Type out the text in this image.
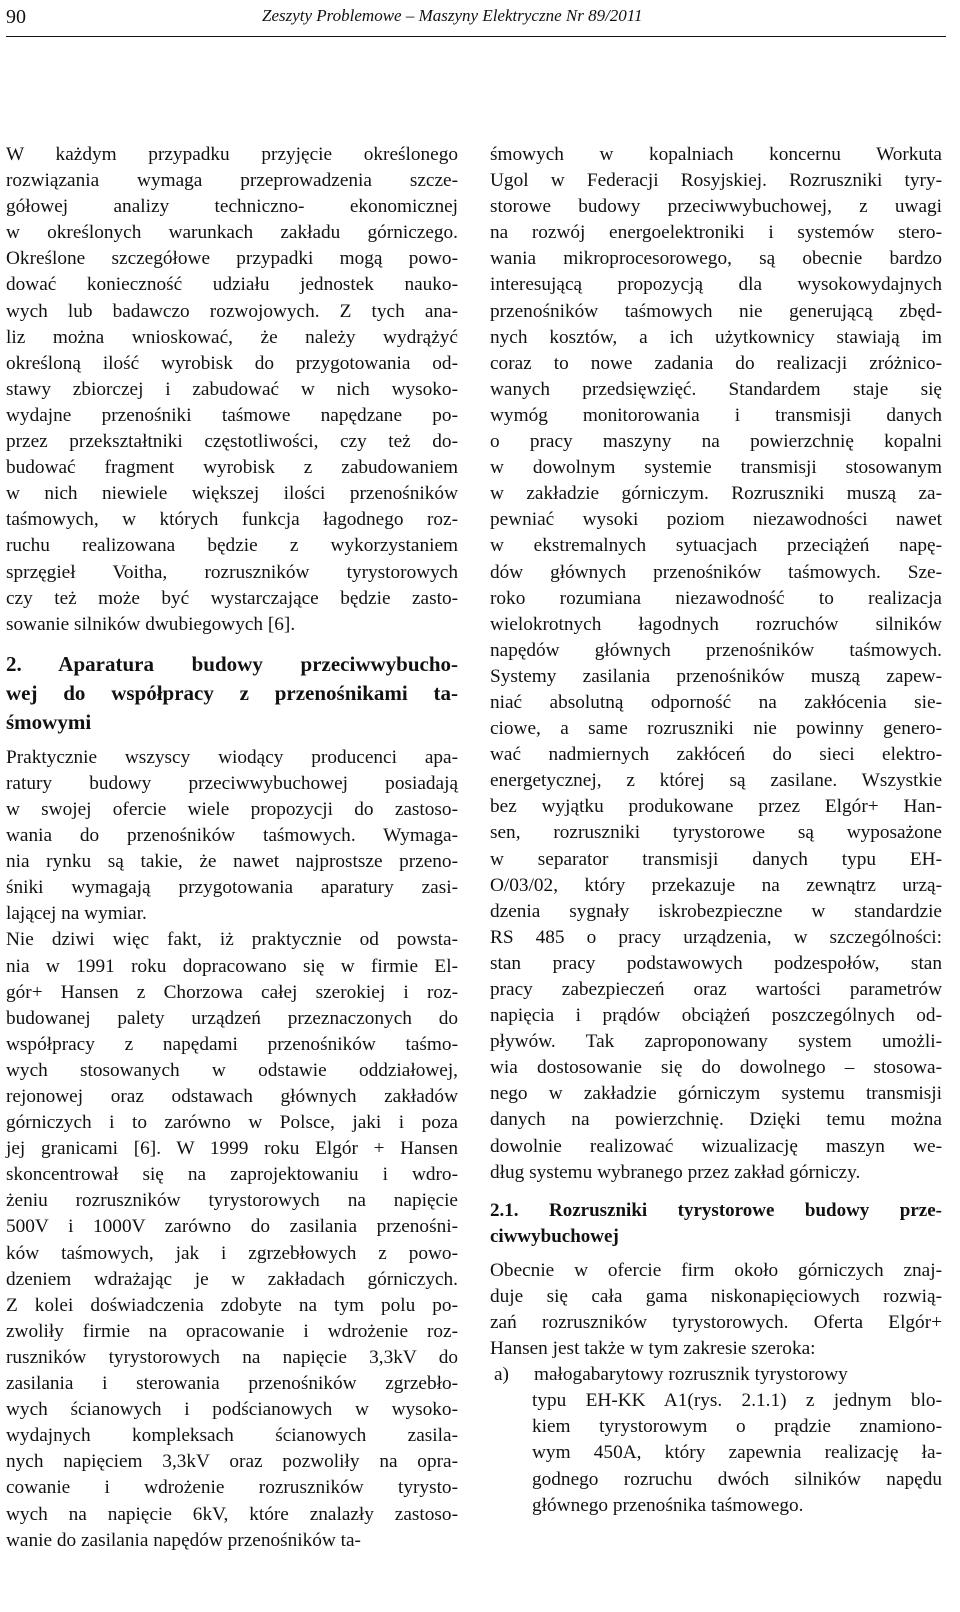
90	Zeszyty Problemowe – Maszyny Elektryczne Nr 89/2011
W każdym przypadku przyjęcie określonego
rozwiązania wymaga przeprowadzenia szcze-
gółowej analizy techniczno- ekonomicznej
w określonych warunkach zakładu górniczego.
Określone szczegółowe przypadki mogą powo-
dować konieczność udziału jednostek nauko-
wych lub badawczo rozwojowych. Z tych ana-
liz można wnioskować, że należy wydrążyć
określoną ilość wyrobisk do przygotowania od-
stawy zbiorczej i zabudować w nich wysoko-
wydajne przenośniki taśmowe napędzane po-
przez przekształtniki częstotliwości, czy też do-
budować fragment wyrobisk z zabudowaniem
w nich niewiele większej ilości przenośników
taśmowych, w których funkcja łagodnego roz-
ruchu realizowana będzie z wykorzystaniem
sprzęgieł Voitha, rozruszników tyrystorowych
czy też może być wystarczające będzie zasto-
sowanie silników dwubiegowych [6].
2. Aparatura budowy przeciwwybucho-
wej do współpracy z przenośnikami ta-
śmowymi
Praktycznie wszyscy wiodący producenci apa-
ratury budowy przeciwwybuchowej posiadają
w swojej ofercie wiele propozycji do zastoso-
wania do przenośników taśmowych. Wymaga-
nia rynku są takie, że nawet najprostsze przeno-
śniki wymagają przygotowania aparatury zasi-
lającej na wymiar.
Nie dziwi więc fakt, iż praktycznie od powsta-
nia w 1991 roku dopracowano się w firmie El-
gór+ Hansen z Chorzowa całej szerokiej i roz-
budowanej palety urządzeń przeznaczonych do
współpracy z napędami przenośników taśmo-
wych stosowanych w odstawie oddziałowej,
rejonowej oraz odstawach głównych zakładów
górniczych i to zarówno w Polsce, jaki i poza
jej granicami [6]. W 1999 roku Elgór + Hansen
skoncentrował się na zaprojektowaniu i wdro-
żeniu rozruszników tyrystorowych na napięcie
500V i 1000V zarówno do zasilania przenośni-
ków taśmowych, jak i zgrzebłowych z powo-
dzeniem wdrażając je w zakładach górniczych.
Z kolei doświadczenia zdobyte na tym polu po-
zwoliły firmie na opracowanie i wdrożenie roz-
ruszników tyrystorowych na napięcie 3,3kV do
zasilania i sterowania przenośników zgrzebło-
wych ścianowych i podścianowych w wysoko-
wydajnych kompleksach ścianowych zasila-
nych napięciem 3,3kV oraz pozwoliły na opra-
cowanie i wdrożenie rozruszników tyrysto-
wych na napięcie 6kV, które znalazły zastoso-
wanie do zasilania napędów przenośników ta-
śmowych w kopalniach koncernu Workuta
Ugol w Federacji Rosyjskiej. Rozruszniki tyry-
storowe budowy przeciwwybuchowej, z uwagi
na rozwój energoelektroniki i systemów stero-
wania mikroprocesorowego, są obecnie bardzo
interesującą propozycją dla wysokowydajnych
przenośników taśmowych nie generującą zbęd-
nych kosztów, a ich użytkownicy stawiają im
coraz to nowe zadania do realizacji zróżnico-
wanych przedsięwzięć. Standardem staje się
wymóg monitorowania i transmisji danych
o pracy maszyny na powierzchnię kopalni
w dowolnym systemie transmisji stosowanym
w zakładzie górniczym. Rozruszniki muszą za-
pewniać wysoki poziom niezawodności nawet
w ekstremalnych sytuacjach przeciążeń napę-
dów głównych przenośników taśmowych. Sze-
roko rozumiana niezawodność to realizacja
wielokrotnych łagodnych rozruchów silników
napędów głównych przenośników taśmowych.
Systemy zasilania przenośników muszą zapew-
niać absolutną odporność na zakłócenia sie-
ciowe, a same rozruszniki nie powinny genero-
wać nadmiernych zakłóceń do sieci elektro-
energetycznej, z której są zasilane. Wszystkie
bez wyjątku produkowane przez Elgór+ Han-
sen, rozruszniki tyrystorowe są wyposażone
w separator transmisji danych typu EH-
O/03/02, który przekazuje na zewnątrz urzą-
dzenia sygnały iskrobezpieczne w standardzie
RS 485 o pracy urządzenia, w szczególności:
stan pracy podstawowych podzespołów, stan
pracy zabezpieczeń oraz wartości parametrów
napięcia i prądów obciążeń poszczególnych od-
pływów. Tak zaproponowany system umożli-
wia dostosowanie się do dowolnego – stosowa-
nego w zakładzie górniczym systemu transmisji
danych na powierzchnię. Dzięki temu można
dowolnie realizować wizualizację maszyn we-
dług systemu wybranego przez zakład górniczy.
2.1. Rozruszniki tyrystorowe budowy prze-
ciwwybuchowej
Obecnie w ofercie firm około górniczych znaj-
duje się cała gama niskonapięciowych rozwią-
zań rozruszników tyrystorowych. Oferta Elgór+
Hansen jest także w tym zakresie szeroka:
a) małogabarytowy rozrusznik tyrystorowy
typu EH-KK A1(rys. 2.1.1) z jednym blo-
kiem tyrystorowym o prądzie znamiono-
wym 450A, który zapewnia realizację ła-
godnego rozruchu dwóch silników napędu
głównego przenośnika taśmowego.
